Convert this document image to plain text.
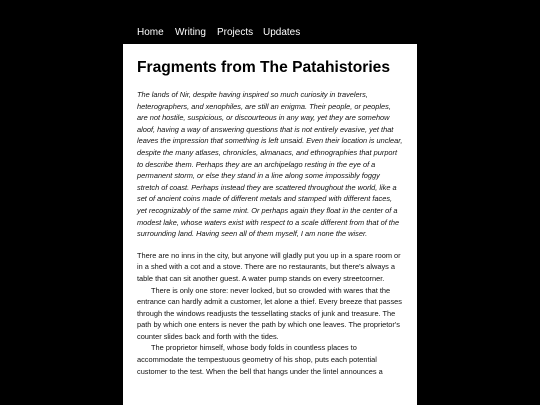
Home Writing Projects Updates
Fragments from The Patahistories

The lands of Nir, despite having inspired so much curiosity in travelers, heterographers, and xenophiles, are still an enigma. Their people, or peoples, are not hostile, suspicious, or discourteous in any way, yet they are somehow aloof, having a way of answering questions that is not entirely evasive, yet that leaves the impression that something is left unsaid. Even their location is unclear, despite the many atlases, chronicles, almanacs, and ethnographies that purport to describe them. Perhaps they are an archipelago resting in the eye of a permanent storm, or else they stand in a line along some impossibly foggy stretch of coast. Perhaps instead they are scattered throughout the world, like a set of ancient coins made of different metals and stamped with different faces, yet recognizably of the same mint. Or perhaps again they float in the center of a modest lake, whose waters exist with respect to a scale different from that of the surrounding land. Having seen all of them myself, I am none the wiser.

There are no inns in the city, but anyone will gladly put you up in a spare room or in a shed with a cot and a stove. There are no restaurants, but there's always a table that can sit another guest. A water pump stands on every streetcorner.

There is only one store: never locked, but so crowded with wares that the entrance can hardly admit a customer, let alone a thief. Every breeze that passes through the windows readjusts the tessellating stacks of junk and treasure. The path by which one enters is never the path by which one leaves. The proprietor's counter slides back and forth with the tides.

The proprietor himself, whose body folds in countless places to accommodate the tempestuous geometry of his shop, puts each potential customer to the test. When the bell that hangs under the lintel announces a
